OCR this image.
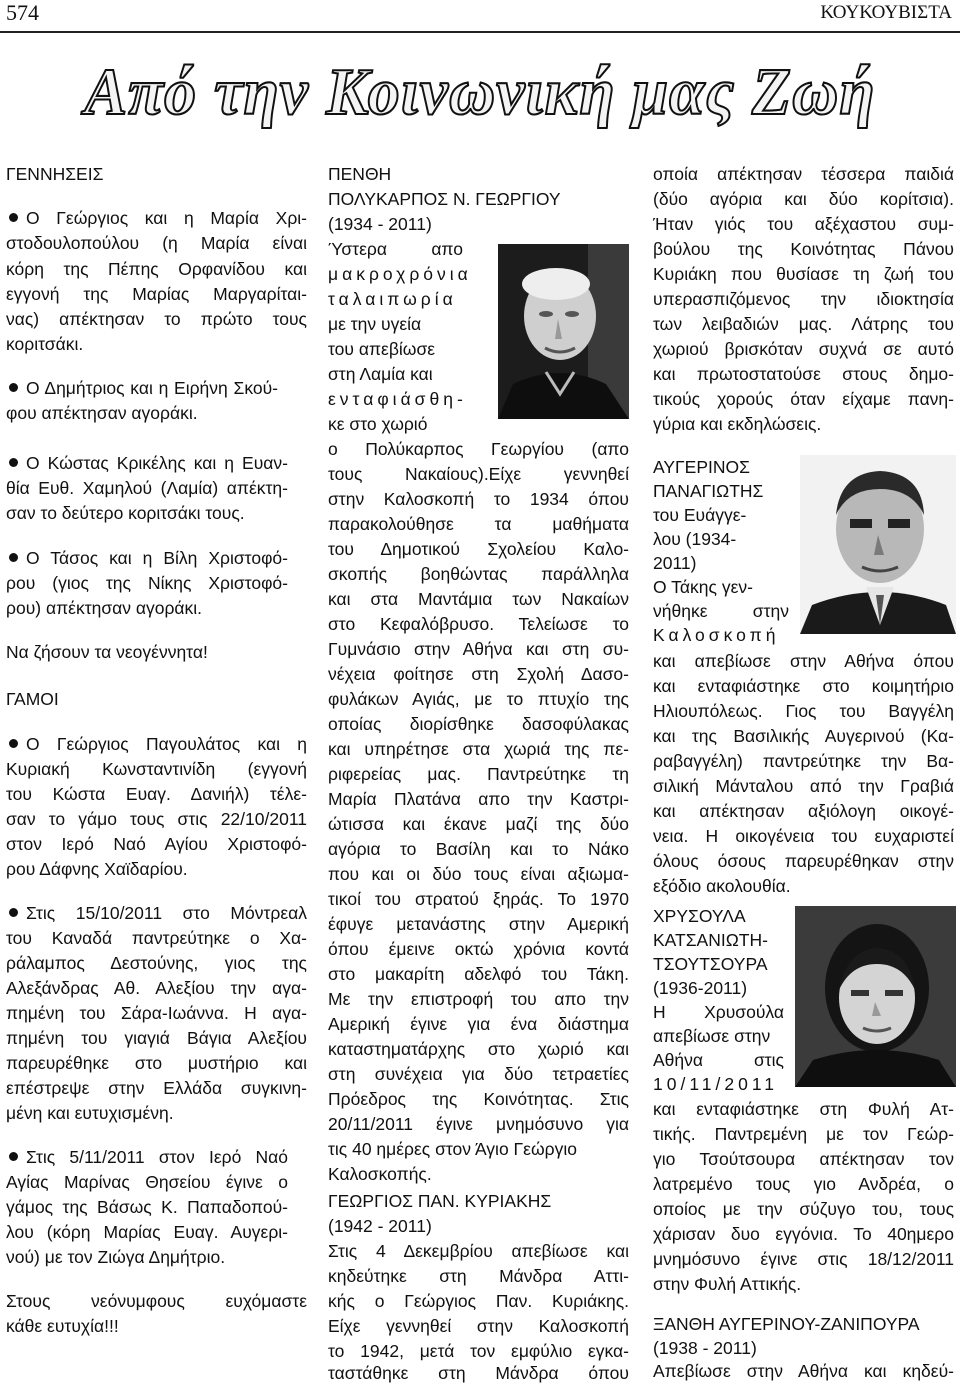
574	ΚΟΥΚΟΥΒΙΣΤΑ
Από την Κοινωνική μας Ζωή
ΓΕΝΝΗΣΕΙΣ
Ο Γεώργιος και η Μαρία Χρι-
στοδουλοπούλου (η Μαρία είναι
κόρη της Πέπης Ορφανίδου και
εγγονή της Μαρίας Μαργαρίται-
νας) απέκτησαν το πρώτο τους
κοριτσάκι.
Ο Δημήτριος και η Ειρήνη Σκού-
φου απέκτησαν αγοράκι.
Ο Κώστας Κρικέλης και η Ευαν-
θία Ευθ. Χαμηλού (Λαμία) απέκτη-
σαν το δεύτερο κοριτσάκι τους.
Ο Τάσος και η Βίλη Χριστοφό-
ρου (γιος της Νίκης Χριστοφό-
ρου) απέκτησαν αγοράκι.
Να ζήσουν τα νεογέννητα!
ΓΑΜΟΙ
Ο Γεώργιος Παγουλάτος και η
Κυριακή Κωνσταντινίδη (εγγονή
του Κώστα Ευαγ. Δανιήλ) τέλε-
σαν το γάμο τους στις 22/10/2011
στον Ιερό Ναό Αγίου Χριστοφό-
ρου Δάφνης Χαϊδαρίου.
Στις 15/10/2011 στο Μόντρεαλ
του Καναδά παντρεύτηκε ο Χα-
ράλαμπος Δεστούνης, γιος της
Αλεξάνδρας Αθ. Αλεξίου την αγα-
πημένη του Σάρα-Ιωάννα. Η αγα-
πημένη του γιαγιά Βάγια Αλεξίου
παρευρέθηκε στο μυστήριο και
επέστρεψε στην Ελλάδα συγκινη-
μένη και ευτυχισμένη.
Στις 5/11/2011 στον Ιερό Ναό
Αγίας Μαρίνας Θησείου έγινε ο
γάμος της Βάσως Κ. Παπαδοπού-
λου (κόρη Μαρίας Ευαγ. Αυγερι-
νού) με τον Ζιώγα Δημήτριο.
Στους νεόνυμφους ευχόμαστε
κάθε ευτυχία!!!
ΠΕΝΘΗ
ΠΟΛΥΚΑΡΠΟΣ Ν. ΓΕΩΡΓΙΟΥ
(1934 - 2011)
Ύστερα απο
μακροχρόνια
ταλαιπωρία
με την υγεία
του απεβίωσε
στη Λαμία και
ενταφιάσθη-
κε στο χωριό
ο Πολύκαρπος Γεωργίου (απο
τους Νακαίους).Είχε γεννηθεί
στην Καλοσκοπή το 1934 όπου
παρακολούθησε τα μαθήματα
του Δημοτικού Σχολείου Καλο-
σκοπής βοηθώντας παράλληλα
και στα Μαντάμια των Νακαίων
στο Κεφαλόβρυσο. Τελείωσε το
Γυμνάσιο στην Αθήνα και στη συ-
νέχεια φοίτησε στη Σχολή Δασο-
φυλάκων Αγιάς, με το πτυχίο της
οποίας διορίσθηκε δασοφύλακας
και υπηρέτησε στα χωριά της πε-
ριφερείας μας. Παντρεύτηκε τη
Μαρία Πλατάνα απο την Καστρι-
ώτισσα και έκανε μαζί της δύο
αγόρια το Βασίλη και το Νάκο
που και οι δύο τους είναι αξιωμα-
τικοί του στρατού ξηράς. Το 1970
έφυγε μετανάστης στην Αμερική
όπου έμεινε οκτώ χρόνια κοντά
στο μακαρίτη αδελφό του Τάκη.
Με την επιστροφή του απο την
Αμερική έγινε για ένα διάστημα
καταστηματάρχης στο χωριό και
στη συνέχεια για δύο τετραετίες
Πρόεδρος της Κοινότητας. Στις
20/11/2011 έγινε μνημόσυνο για
τις 40 ημέρες στον Άγιο Γεώργιο
Καλοσκοπής.
ΓΕΩΡΓΙΟΣ ΠΑΝ. ΚΥΡΙΑΚΗΣ
(1942 - 2011)
Στις 4 Δεκεμβρίου απεβίωσε και
κηδεύτηκε στη Μάνδρα Αττι-
κής ο Γεώργιος Παν. Κυριάκης.
Είχε γεννηθεί στην Καλοσκοπή
το 1942, μετά τον εμφύλιο εγκα-
ταστάθηκε στη Μάνδρα όπου
οποία απέκτησαν τέσσερα παιδιά
(δύο αγόρια και δύο κορίτσια).
Ήταν γιός του αξέχαστου συμ-
βούλου της Κοινότητας Πάνου
Κυριάκη που θυσίασε τη ζωή του
υπερασπιζόμενος την ιδιοκτησία
των λειβαδιών μας. Λάτρης του
χωριού βρισκόταν συχνά σε αυτό
και πρωτοστατούσε στους δημο-
τικούς χορούς όταν είχαμε πανη-
γύρια και εκδηλώσεις.
ΑΥΓΕΡΙΝΟΣ
ΠΑΝΑΓΙΩΤΗΣ
του Ευάγγε-
λου (1934-
2011)
Ο Τάκης γεν-
νήθηκε στην
Καλοσκοπή
και απεβίωσε στην Αθήνα όπου
και ενταφιάστηκε στο κοιμητήριο
Ηλιουπόλεως. Γιος του Βαγγέλη
και της Βασιλικής Αυγερινού (Κα-
ραβαγγέλη) παντρεύτηκε την Βα-
σιλική Μάνταλου από την Γραβιά
και απέκτησαν αξιόλογη οικογέ-
νεια. Η οικογένεια του ευχαριστεί
όλους όσους παρευρέθηκαν στην
εξόδιο ακολουθία.
ΧΡΥΣΟΥΛΑ
ΚΑΤΣΑΝΙΩΤΗ-
ΤΣΟΥΤΣΟΥΡΑ
(1936-2011)
Η Χρυσούλα
απεβίωσε στην
Αθήνα στις
10/11/2011
και ενταφιάστηκε στη Φυλή Ατ-
τικής. Παντρεμένη με τον Γεώρ-
γιο Τσούτσουρα απέκτησαν τον
λατρεμένο τους γιο Ανδρέα, ο
οποίος με την σύζυγο του, τους
χάρισαν δυο εγγόνια. Το 40ημερο
μνημόσυνο έγινε στις 18/12/2011
στην Φυλή Αττικής.
ΞΑΝΘΗ ΑΥΓΕΡΙΝΟΥ-ΖΑΝΙΠΟΥΡΑ
(1938 - 2011)
Απεβίωσε στην Αθήνα και κηδεύ-
